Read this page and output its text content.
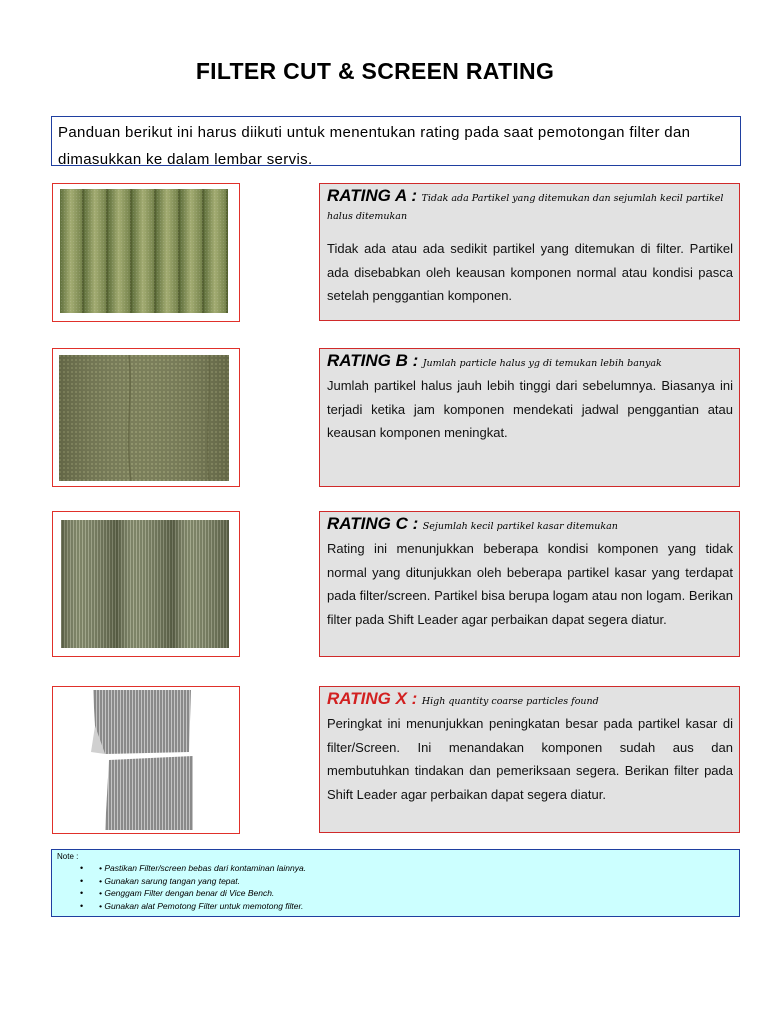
FILTER CUT & SCREEN RATING
Panduan berikut ini harus diikuti untuk menentukan rating pada saat pemotongan filter dan dimasukkan ke dalam lembar servis.
RATING A : Tidak ada Partikel yang ditemukan dan sejumlah kecil partikel halus ditemukan
Tidak ada atau ada sedikit partikel yang ditemukan di filter. Partikel ada disebabkan oleh keausan komponen normal atau kondisi pasca setelah penggantian komponen.
RATING B : Jumlah particle halus yg di temukan lebih banyak
Jumlah partikel halus jauh lebih tinggi dari sebelumnya. Biasanya ini terjadi ketika jam komponen mendekati jadwal penggantian atau keausan komponen meningkat.
RATING C : Sejumlah kecil partikel kasar ditemukan
Rating ini menunjukkan beberapa kondisi komponen yang tidak normal yang ditunjukkan oleh beberapa partikel kasar yang terdapat pada filter/screen. Partikel bisa berupa logam atau non logam. Berikan filter pada Shift Leader agar perbaikan dapat segera diatur.
RATING X : High quantity coarse particles found
Peringkat ini menunjukkan peningkatan besar pada partikel kasar di filter/Screen. Ini menandakan komponen sudah aus dan membutuhkan tindakan dan pemeriksaan segera. Berikan filter pada Shift Leader agar perbaikan dapat segera diatur.
Note :
• • Pastikan Filter/screen bebas dari kontaminan lainnya.
• • Gunakan sarung tangan yang tepat.
• • Genggam Filter dengan benar di Vice Bench.
• • Gunakan alat Pemotong Filter untuk memotong filter.
